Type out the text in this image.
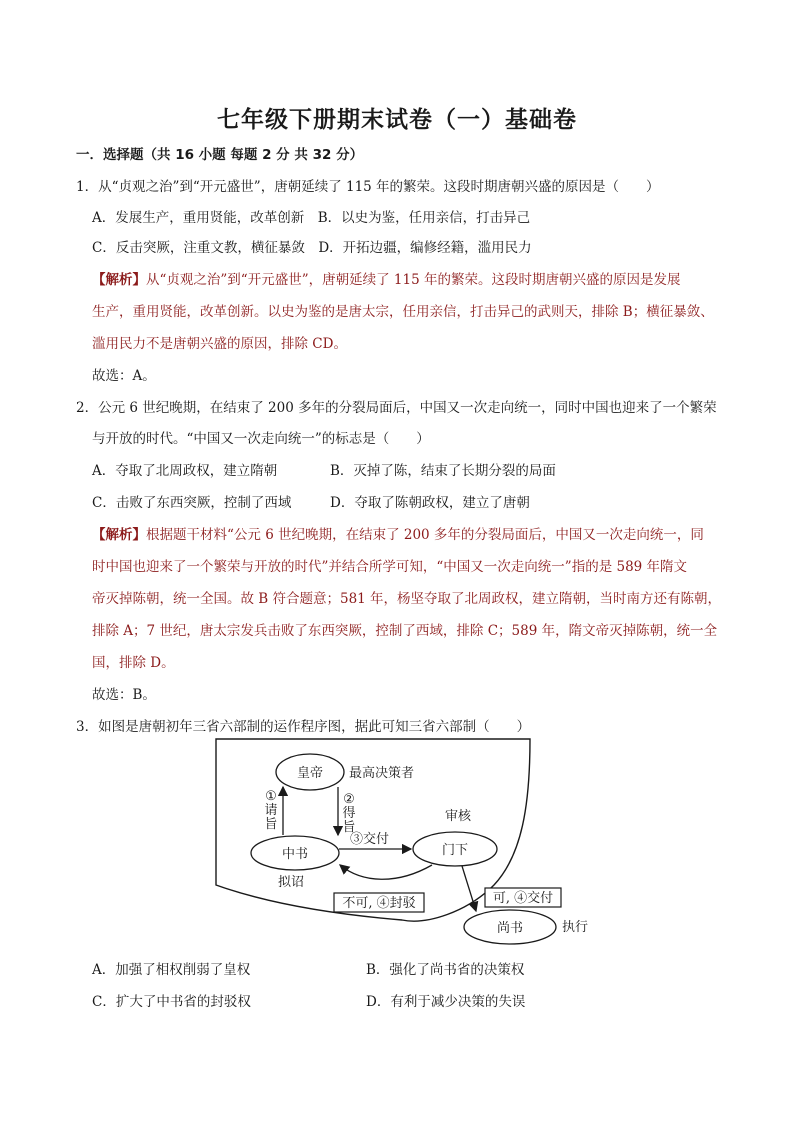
七年级下册期末试卷（一）基础卷
一．选择题（共 16 小题 每题 2 分 共 32 分）
1．从“贞观之治”到“开元盛世”，唐朝延续了 115 年的繁荣。这段时期唐朝兴盛的原因是（　　）
A．发展生产，重用贤能，改革创新　B．以史为鉴，任用亲信，打击异己
C．反击突厥，注重文教，横征暴敛　D．开拓边疆，编修经籍，滥用民力
【解析】从“贞观之治”到“开元盛世”，唐朝延续了 115 年的繁荣。这段时期唐朝兴盛的原因是发展
生产，重用贤能，改革创新。以史为鉴的是唐太宗，任用亲信，打击异己的武则天，排除 B；横征暴敛、
滥用民力不是唐朝兴盛的原因，排除 CD。
故选：A。
2．公元 6 世纪晚期，在结束了 200 多年的分裂局面后，中国又一次走向统一，同时中国也迎来了一个繁荣
与开放的时代。“中国又一次走向统一”的标志是（　　）
A．夺取了北周政权，建立隋朝	B．灭掉了陈，结束了长期分裂的局面
C．击败了东西突厥，控制了西域	D．夺取了陈朝政权，建立了唐朝
【解析】根据题干材料“公元 6 世纪晚期，在结束了 200 多年的分裂局面后，中国又一次走向统一，同
时中国也迎来了一个繁荣与开放的时代”并结合所学可知，“中国又一次走向统一”指的是 589 年隋文
帝灭掉陈朝，统一全国。故 B 符合题意；581 年，杨坚夺取了北周政权，建立隋朝，当时南方还有陈朝，
排除 A；7 世纪，唐太宗发兵击败了东西突厥，控制了西域，排除 C；589 年，隋文帝灭掉陈朝，统一全
国，排除 D。
故选：B。
3．如图是唐朝初年三省六部制的运作程序图，据此可知三省六部制（　　）
皇帝 最高决策者
中书	门下
审核
尚书	执行
①
请
旨
②
得
旨
③交付
拟诏
不可, ④封驳	可, ④交付
A．加强了相权削弱了皇权	B．强化了尚书省的决策权
C．扩大了中书省的封驳权	D．有利于减少决策的失误
